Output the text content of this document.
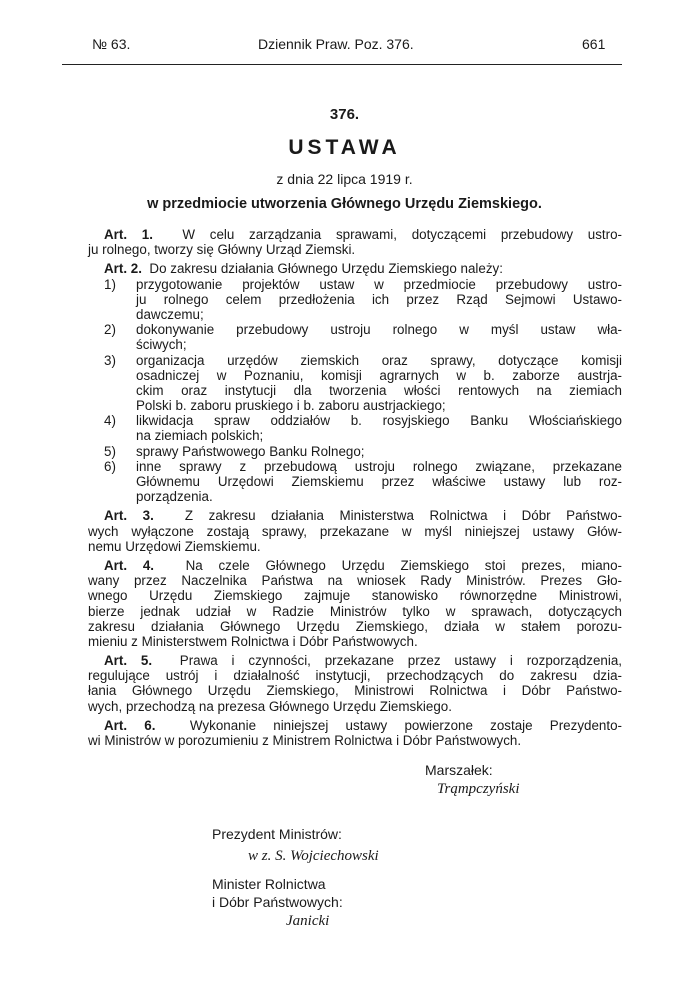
№ 63.	Dziennik Praw. Poz. 376.	661
376.
USTAWA
z dnia 22 lipca 1919 r.
w przedmiocie utworzenia Głównego Urzędu Ziemskiego.
Art. 1. W celu zarządzania sprawami, dotyczącemi przebudowy ustro-
ju rolnego, tworzy się Główny Urząd Ziemski.
Art. 2. Do zakresu działania Głównego Urzędu Ziemskiego należy:
1)	przygotowanie projektów ustaw w przedmiocie przebudowy ustro-
ju rolnego celem przedłożenia ich przez Rząd Sejmowi Ustawo-
dawczemu;
2)	dokonywanie przebudowy ustroju rolnego w myśl ustaw wła-
ściwych;
3)	organizacja urzędów ziemskich oraz sprawy, dotyczące komisji
osadniczej w Poznaniu, komisji agrarnych w b. zaborze austrja-
ckim oraz instytucji dla tworzenia włości rentowych na ziemiach
Polski b. zaboru pruskiego i b. zaboru austrjackiego;
4)	likwidacja spraw oddziałów b. rosyjskiego Banku Włościańskiego
na ziemiach polskich;
5)	sprawy Państwowego Banku Rolnego;
6)	inne sprawy z przebudową ustroju rolnego związane, przekazane
Głównemu Urzędowi Ziemskiemu przez właściwe ustawy lub roz-
porządzenia.
Art. 3. Z zakresu działania Ministerstwa Rolnictwa i Dóbr Państwo-
wych wyłączone zostają sprawy, przekazane w myśl niniejszej ustawy Głów-
nemu Urzędowi Ziemskiemu.
Art. 4. Na czele Głównego Urzędu Ziemskiego stoi prezes, miano-
wany przez Naczelnika Państwa na wniosek Rady Ministrów. Prezes Gło-
wnego Urzędu Ziemskiego zajmuje stanowisko równorzędne Ministrowi,
bierze jednak udział w Radzie Ministrów tylko w sprawach, dotyczących
zakresu działania Głównego Urzędu Ziemskiego, działa w stałem porozu-
mieniu z Ministerstwem Rolnictwa i Dóbr Państwowych.
Art. 5. Prawa i czynności, przekazane przez ustawy i rozporządzenia,
regulujące ustrój i działalność instytucji, przechodzących do zakresu dzia-
łania Głównego Urzędu Ziemskiego, Ministrowi Rolnictwa i Dóbr Państwo-
wych, przechodzą na prezesa Głównego Urzędu Ziemskiego.
Art. 6.	Wykonanie niniejszej ustawy powierzone zostaje Prezydento-
wi Ministrów w porozumieniu z Ministrem Rolnictwa i Dóbr Państwowych.
Marszałek:
Trąmpczyński
Prezydent Ministrów:
w z. S. Wojciechowski
Minister Rolnictwa
i Dóbr Państwowych:
Janicki
